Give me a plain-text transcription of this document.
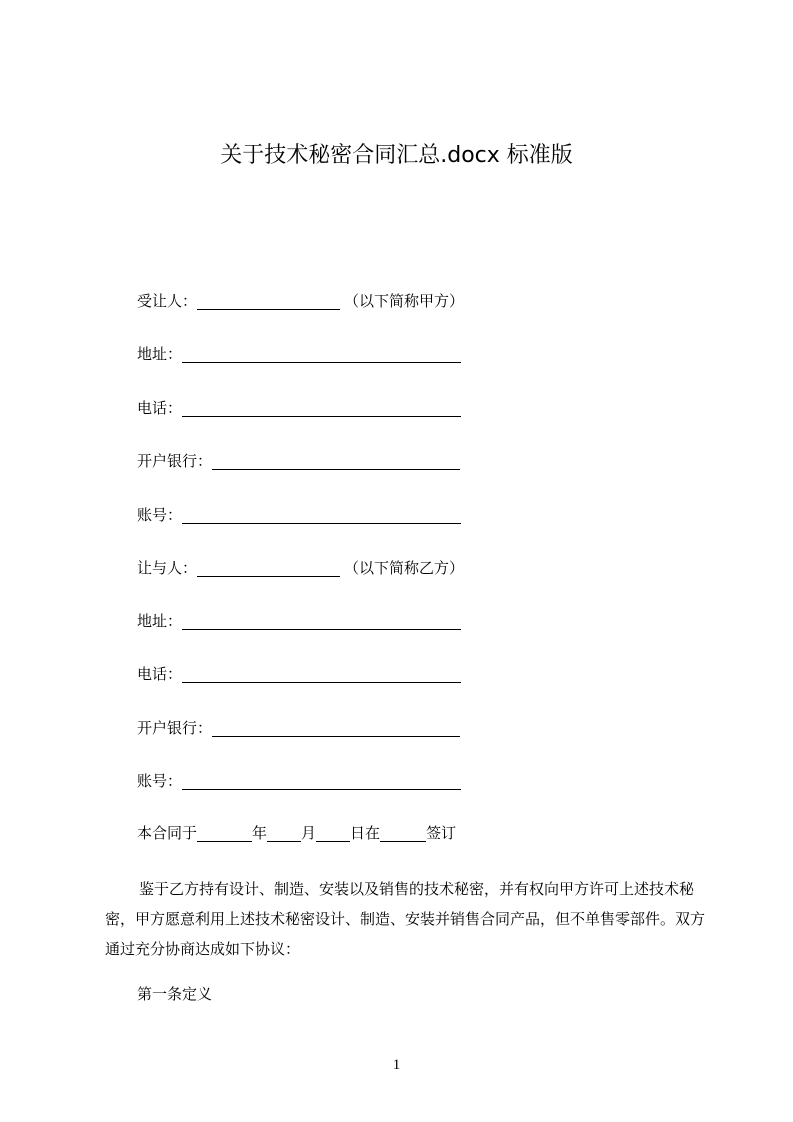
关于技术秘密合同汇总.docx 标准版
受让人：	（以下简称甲方）
地址：
电话：
开户银行：
账号：
让与人：	（以下简称乙方）
地址：
电话：
开户银行：
账号：
本合同于	年 月 日在	签订
鉴于乙方持有设计、制造、安装以及销售的技术秘密，并有权向甲方许可上述技术秘密，甲方愿意利用上述技术秘密设计、制造、安装并销售合同产品，但不单售零部件。双方通过充分协商达成如下协议：
第一条定义
1
